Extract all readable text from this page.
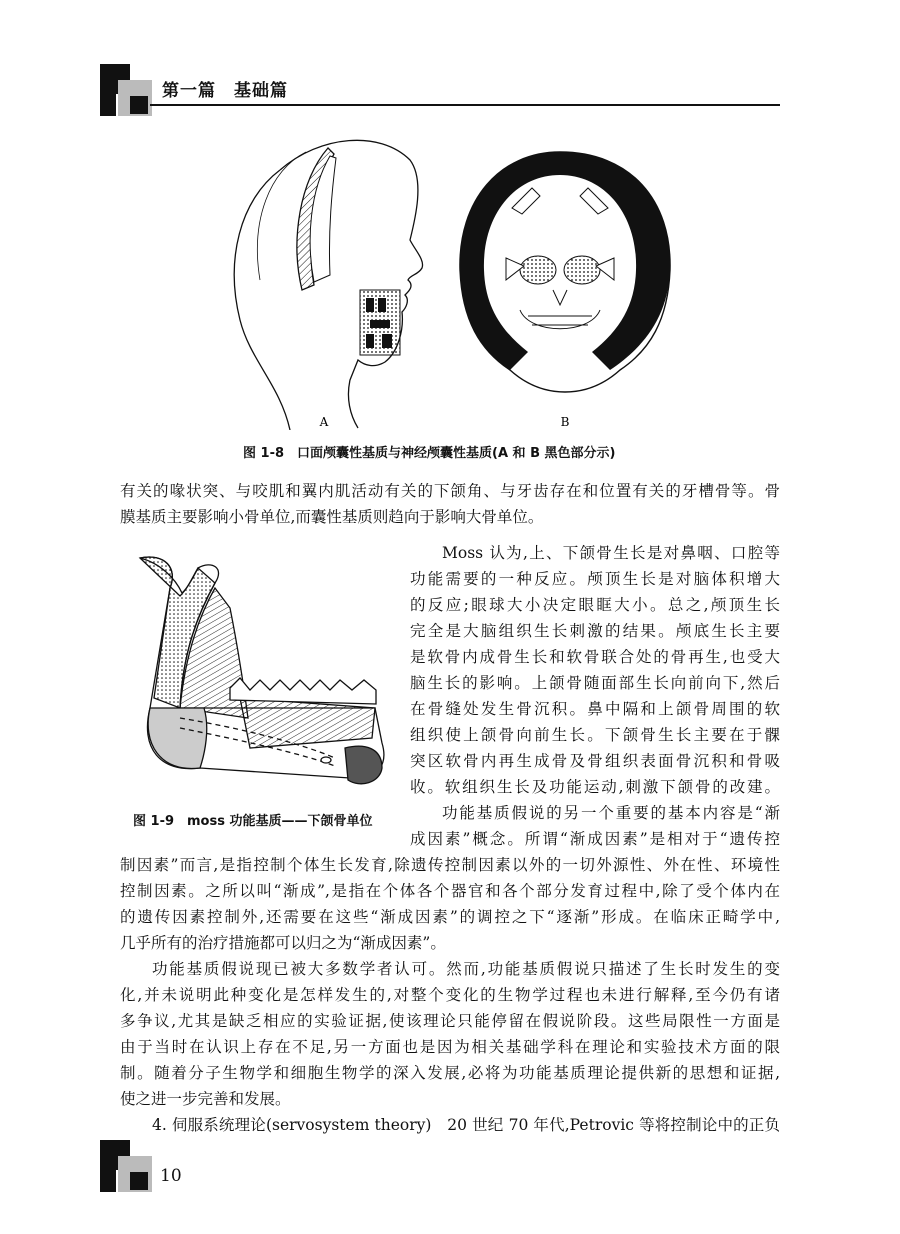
第一篇　基础篇
A	B
图 1-8　口面颅囊性基质与神经颅囊性基质(A 和 B 黑色部分示)

有关的喙状突、与咬肌和翼内肌活动有关的下颌角、与牙齿存在和位置有关的牙槽骨等。骨

膜基质主要影响小骨单位,而囊性基质则趋向于影响大骨单位。

图 1-9　moss 功能基质——下颌骨单位

Moss 认为,上、下颌骨生长是对鼻咽、口腔等

功能需要的一种反应。颅顶生长是对脑体积增大

的反应;眼球大小决定眼眶大小。总之,颅顶生长

完全是大脑组织生长刺激的结果。颅底生长主要

是软骨内成骨生长和软骨联合处的骨再生,也受大

脑生长的影响。上颌骨随面部生长向前向下,然后

在骨缝处发生骨沉积。鼻中隔和上颌骨周围的软

组织使上颌骨向前生长。下颌骨生长主要在于髁

突区软骨内再生成骨及骨组织表面骨沉积和骨吸

收。软组织生长及功能运动,刺激下颌骨的改建。

功能基质假说的另一个重要的基本内容是“渐

成因素”概念。所谓“渐成因素”是相对于“遗传控

制因素”而言,是指控制个体生长发育,除遗传控制因素以外的一切外源性、外在性、环境性

控制因素。之所以叫“渐成”,是指在个体各个器官和各个部分发育过程中,除了受个体内在

的遗传因素控制外,还需要在这些“渐成因素”的调控之下“逐渐”形成。在临床正畸学中,

几乎所有的治疗措施都可以归之为“渐成因素”。

功能基质假说现已被大多数学者认可。然而,功能基质假说只描述了生长时发生的变

化,并未说明此种变化是怎样发生的,对整个变化的生物学过程也未进行解释,至今仍有诸

多争议,尤其是缺乏相应的实验证据,使该理论只能停留在假说阶段。这些局限性一方面是

由于当时在认识上存在不足,另一方面也是因为相关基础学科在理论和实验技术方面的限

制。随着分子生物学和细胞生物学的深入发展,必将为功能基质理论提供新的思想和证据,

使之进一步完善和发展。

4. 伺服系统理论(servosystem theory)　20 世纪 70 年代,Petrovic 等将控制论中的正负

10
